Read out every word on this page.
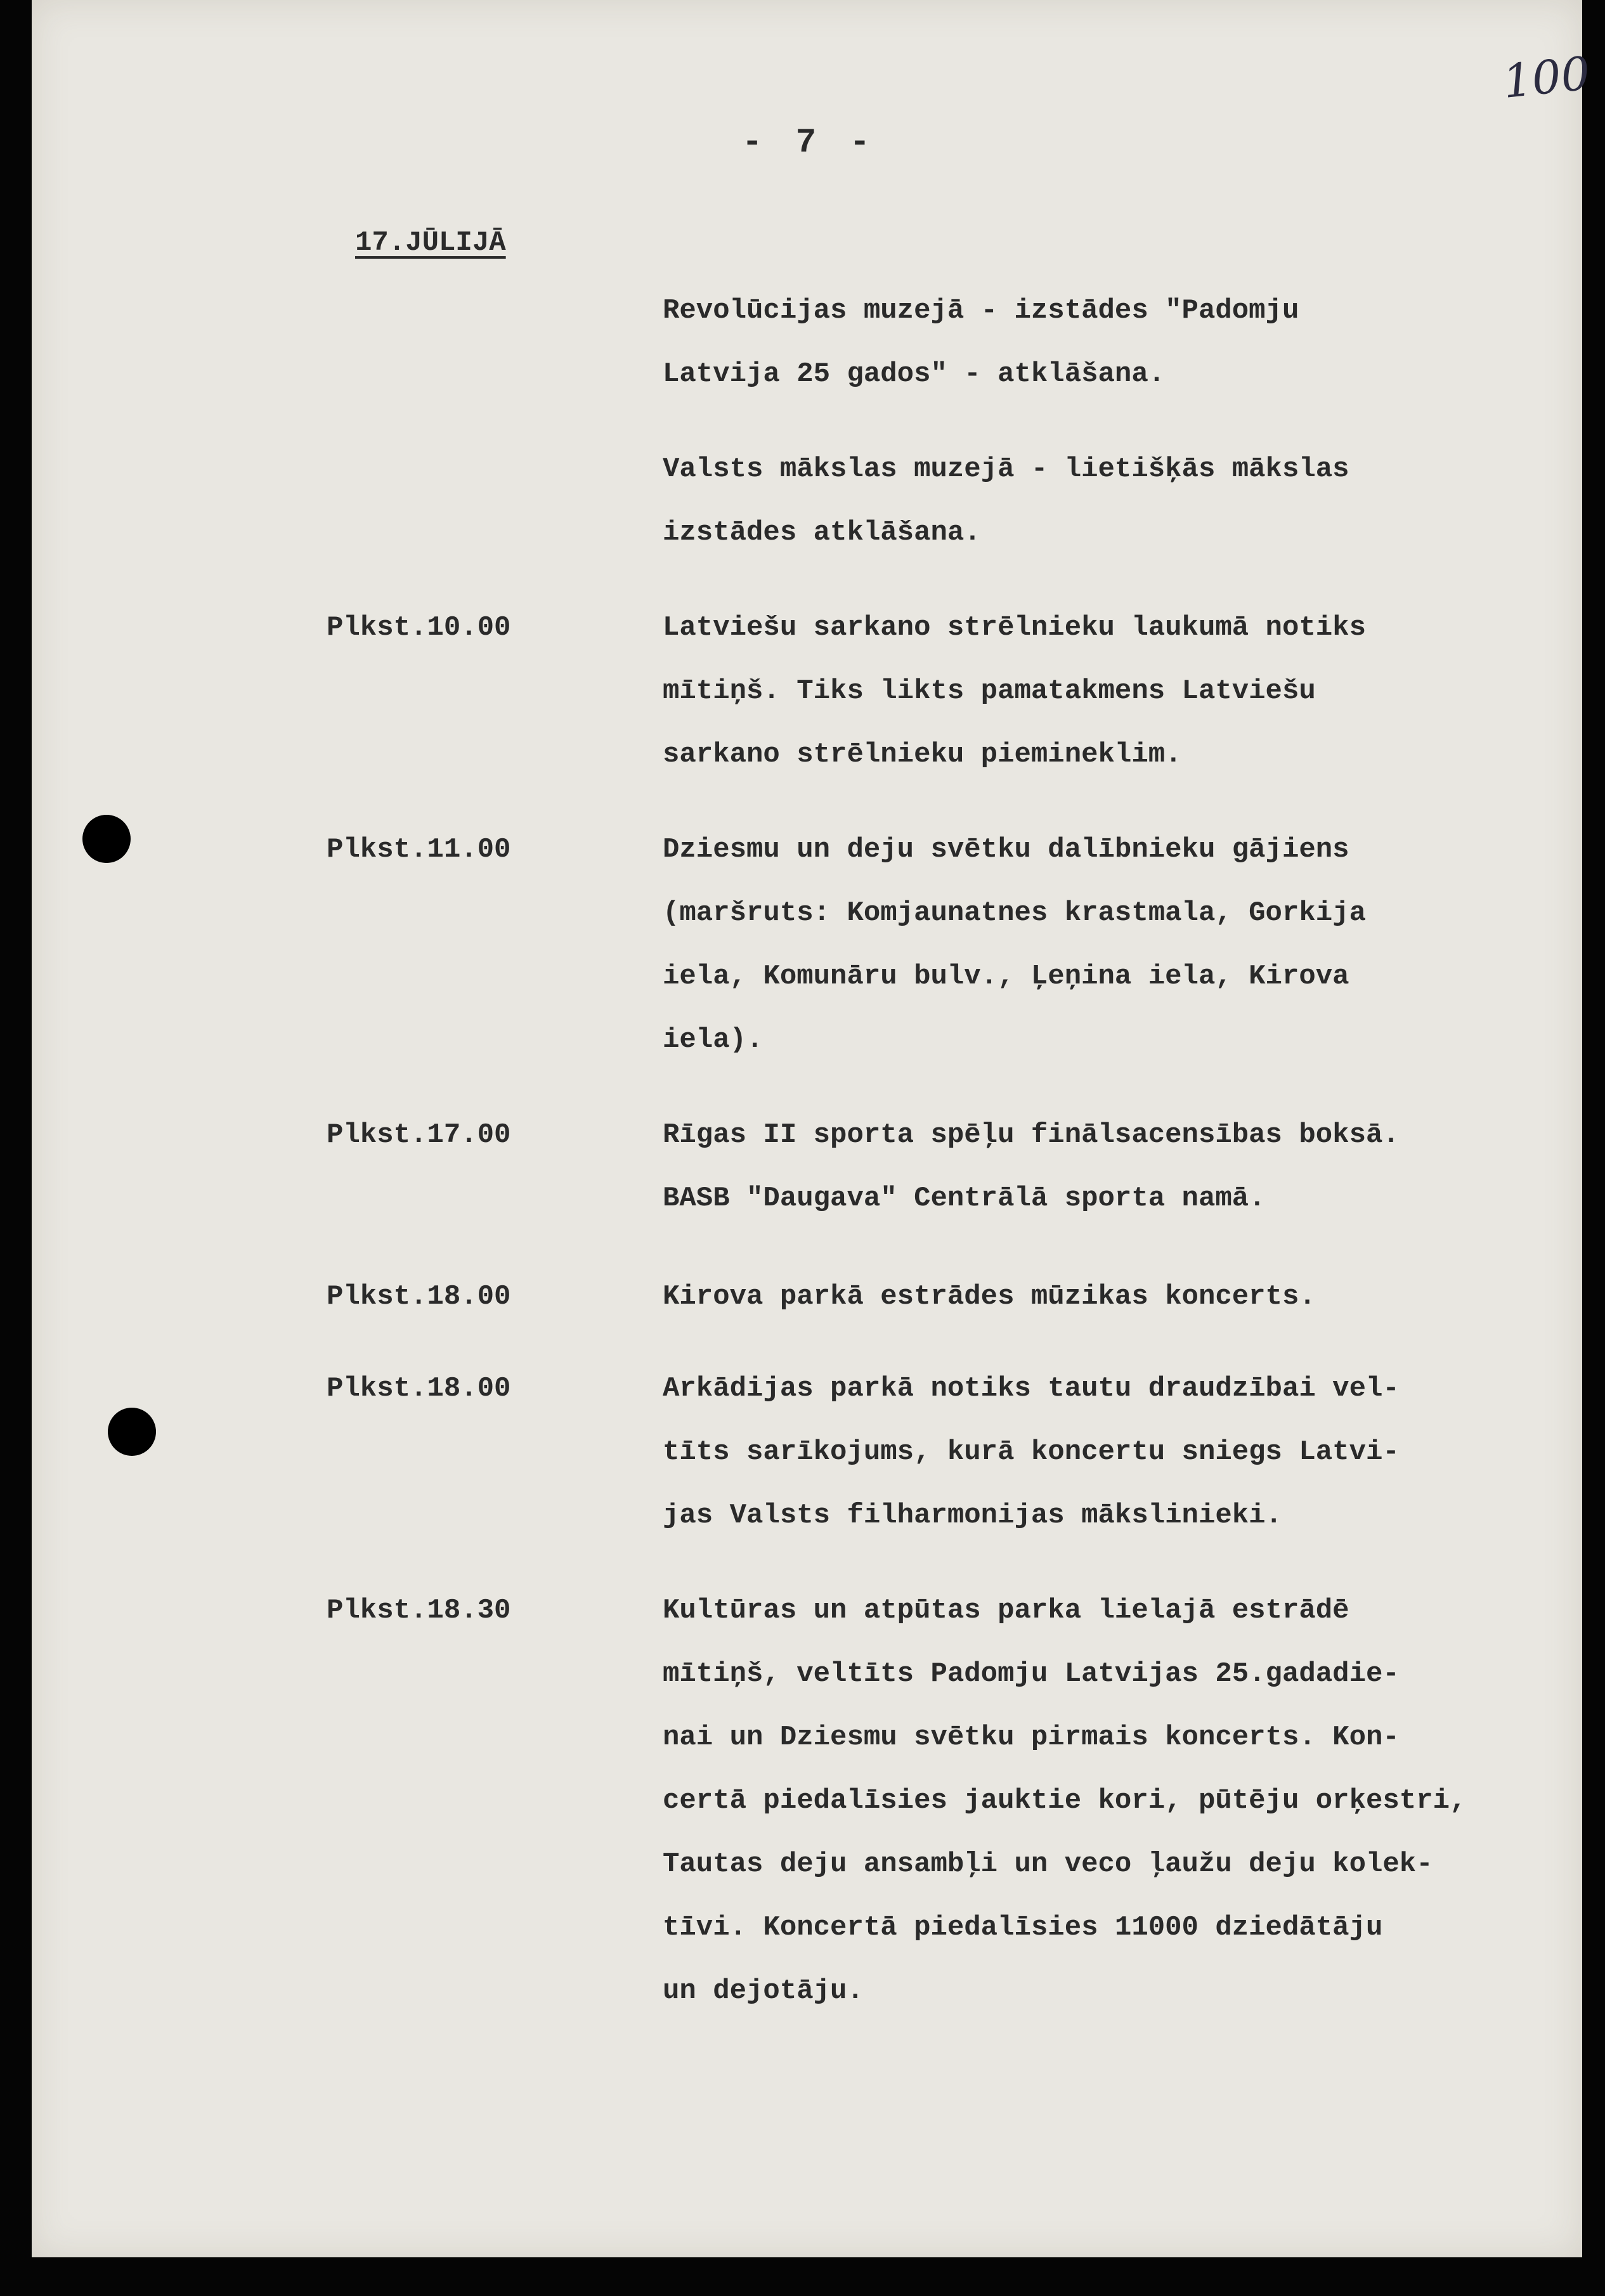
100
- 7 -
17.JŪLIJĀ
Revolūcijas muzejā - izstādes "Padomju
Latvija 25 gados" - atklāšana.
Valsts mākslas muzejā - lietišķās mākslas
izstādes atklāšana.
Plkst.10.00	Latviešu sarkano strēlnieku laukumā notiks
mītiņš. Tiks likts pamatakmens Latviešu
sarkano strēlnieku piemineklim.
Plkst.11.00	Dziesmu un deju svētku dalībnieku gājiens
(maršruts: Komjaunatnes krastmala, Gorkija
iela, Komunāru bulv., Ļeņina iela, Kirova
iela).
Plkst.17.00	Rīgas II sporta spēļu finālsacensības boksā.
BASB "Daugava" Centrālā sporta namā.
Plkst.18.00	Kirova parkā estrādes mūzikas koncerts.
Plkst.18.00	Arkādijas parkā notiks tautu draudzībai vel-
tīts sarīkojums, kurā koncertu sniegs Latvi-
jas Valsts filharmonijas mākslinieki.
Plkst.18.30	Kultūras un atpūtas parka lielajā estrādē
mītiņš, veltīts Padomju Latvijas 25.gadadie-
nai un Dziesmu svētku pirmais koncerts. Kon-
certā piedalīsies jauktie kori, pūtēju orķestri,
Tautas deju ansambļi un veco ļaužu deju kolek-
tīvi. Koncertā piedalīsies 11000 dziedātāju
un dejotāju.
